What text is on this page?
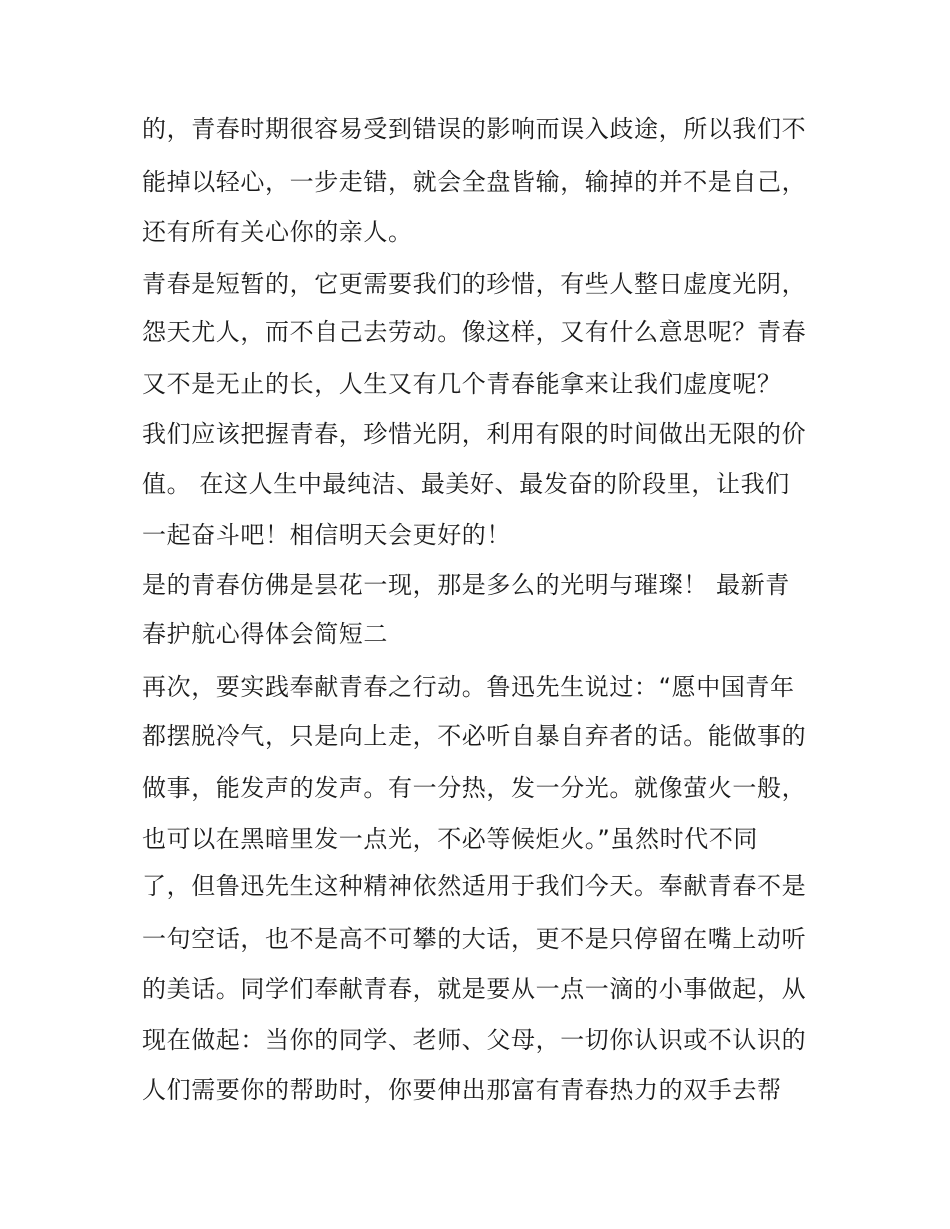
的，青春时期很容易受到错误的影响而误入歧途，所以我们不
能掉以轻心，一步走错，就会全盘皆输，输掉的并不是自己，
还有所有关心你的亲人。
青春是短暂的，它更需要我们的珍惜，有些人整日虚度光阴，
怨天尤人，而不自己去劳动。像这样，又有什么意思呢？青春
又不是无止的长，人生又有几个青春能拿来让我们虚度呢？
我们应该把握青春，珍惜光阴，利用有限的时间做出无限的价
值。 在这人生中最纯洁、最美好、最发奋的阶段里，让我们
一起奋斗吧！相信明天会更好的！
是的青春仿佛是昙花一现，那是多么的光明与璀璨！ 最新青
春护航心得体会简短二
再次，要实践奉献青春之行动。鲁迅先生说过：“愿中国青年
都摆脱冷气，只是向上走，不必听自暴自弃者的话。能做事的
做事，能发声的发声。有一分热，发一分光。就像萤火一般，
也可以在黑暗里发一点光，不必等候炬火。”虽然时代不同
了，但鲁迅先生这种精神依然适用于我们今天。奉献青春不是
一句空话，也不是高不可攀的大话，更不是只停留在嘴上动听
的美话。同学们奉献青春，就是要从一点一滴的小事做起，从
现在做起：当你的同学、老师、父母，一切你认识或不认识的
人们需要你的帮助时，你要伸出那富有青春热力的双手去帮
